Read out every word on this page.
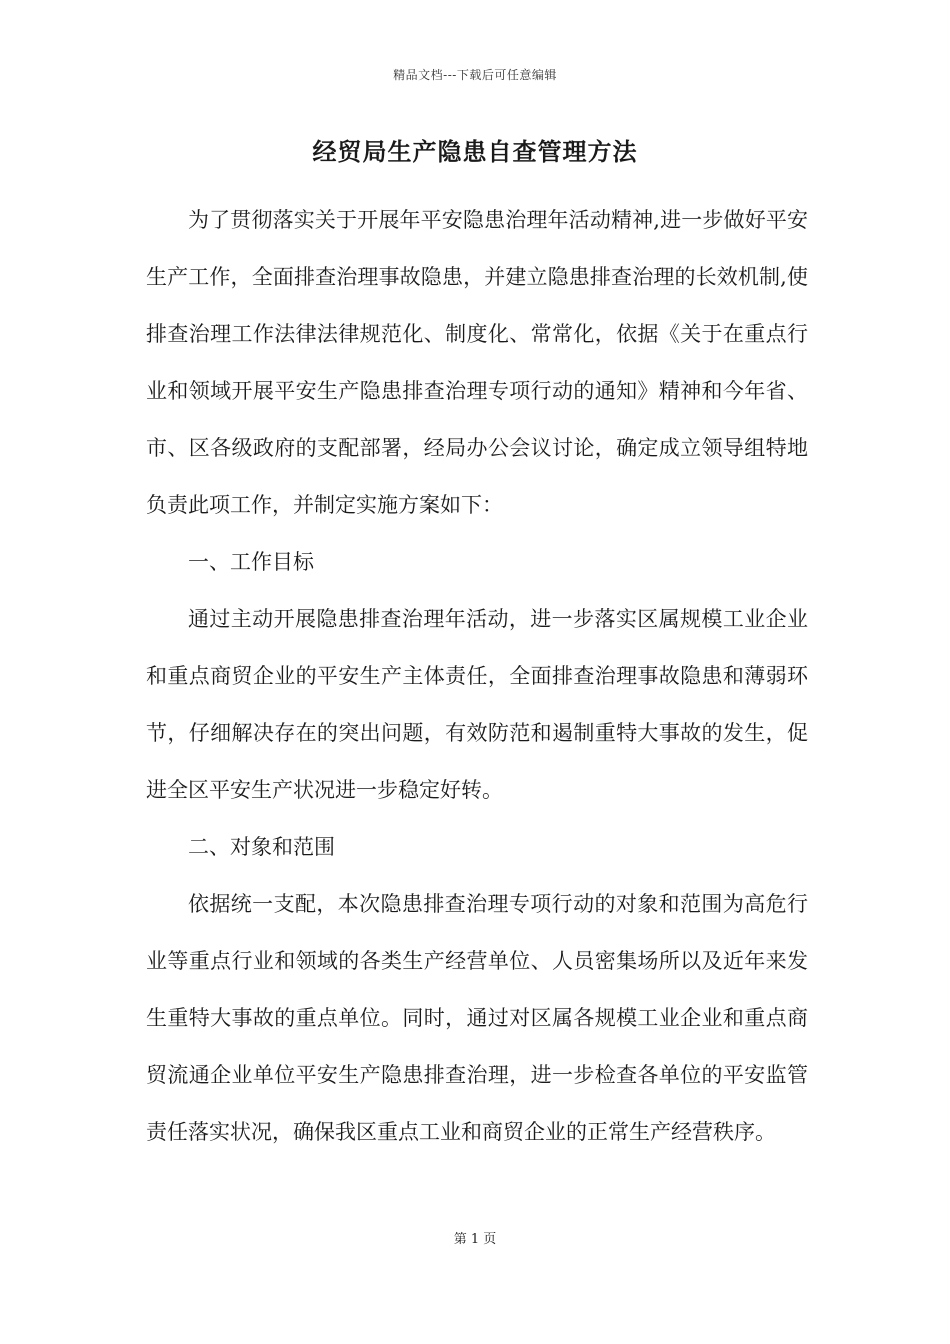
精品文档---下载后可任意编辑
经贸局生产隐患自查管理方法

为了贯彻落实关于开展年平安隐患治理年活动精神,进一步做好平安生产工作，全面排查治理事故隐患，并建立隐患排查治理的长效机制,使排查治理工作法律法律规范化、制度化、常常化，依据《关于在重点行业和领域开展平安生产隐患排查治理专项行动的通知》精神和今年省、市、区各级政府的支配部署，经局办公会议讨论，确定成立领导组特地负责此项工作，并制定实施方案如下：

一、工作目标

通过主动开展隐患排查治理年活动，进一步落实区属规模工业企业和重点商贸企业的平安生产主体责任，全面排查治理事故隐患和薄弱环节，仔细解决存在的突出问题，有效防范和遏制重特大事故的发生，促进全区平安生产状况进一步稳定好转。

二、对象和范围

依据统一支配，本次隐患排查治理专项行动的对象和范围为高危行业等重点行业和领域的各类生产经营单位、人员密集场所以及近年来发生重特大事故的重点单位。同时，通过对区属各规模工业企业和重点商贸流通企业单位平安生产隐患排查治理，进一步检查各单位的平安监管责任落实状况，确保我区重点工业和商贸企业的正常生产经营秩序。

第 1 页
